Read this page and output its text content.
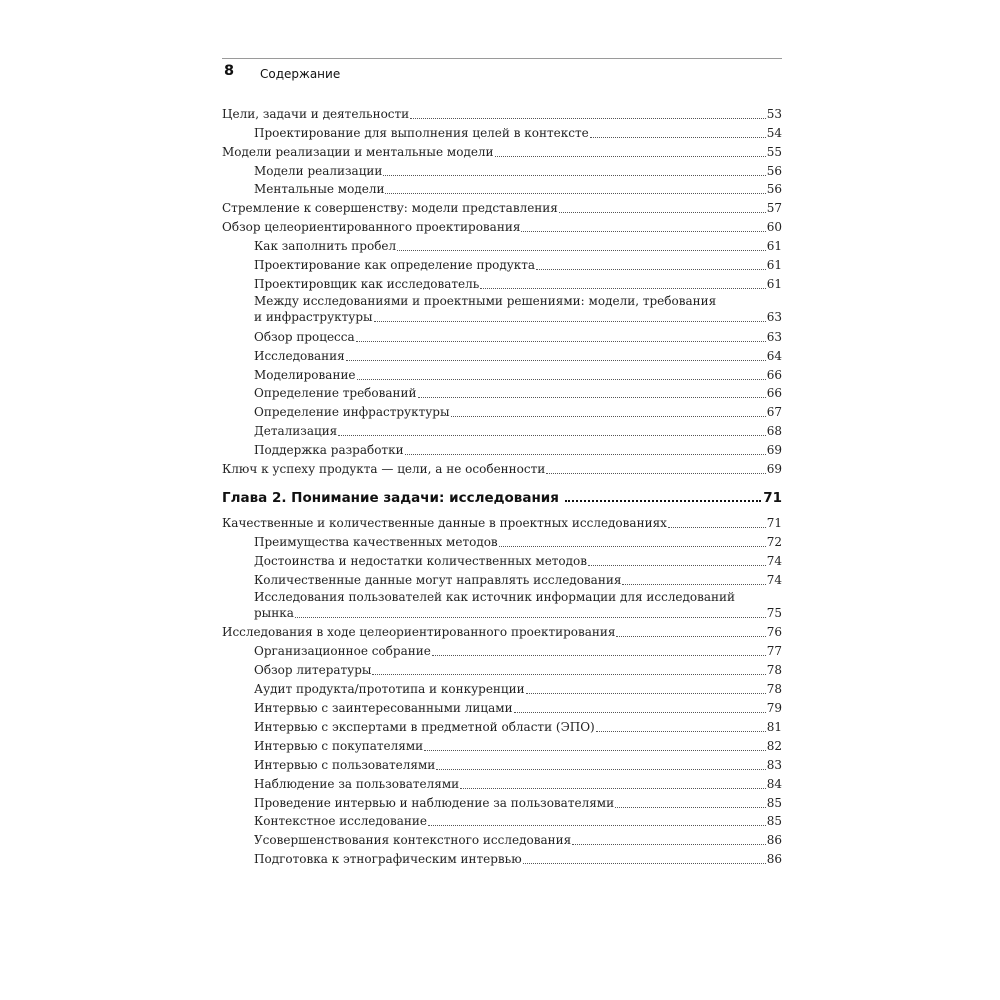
8 Содержание
Цели, задачи и деятельности	53
Проектирование для выполнения целей в контексте	54
Модели реализации и ментальные модели	55
Модели реализации	56
Ментальные модели	56
Стремление к совершенству: модели представления	57
Обзор целеориентированного проектирования	60
Как заполнить пробел	61
Проектирование как определение продукта	61
Проектировщик как исследователь	61
Между исследованиями и проектными решениями: модели, требования
и инфраструктуры	63
Обзор процесса	63
Исследования	64
Моделирование	66
Определение требований	66
Определение инфраструктуры	67
Детализация	68
Поддержка разработки	69
Ключ к успеху продукта — цели, а не особенности	69
Глава 2. Понимание задачи: исследования	71
Качественные и количественные данные в проектных исследованиях	71
Преимущества качественных методов	72
Достоинства и недостатки количественных методов	74
Количественные данные могут направлять исследования	74
Исследования пользователей как источник информации для исследований
рынка	75
Исследования в ходе целеориентированного проектирования	76
Организационное собрание	77
Обзор литературы	78
Аудит продукта/прототипа и конкуренции	78
Интервью с заинтересованными лицами	79
Интервью с экспертами в предметной области (ЭПО)	81
Интервью с покупателями	82
Интервью с пользователями	83
Наблюдение за пользователями	84
Проведение интервью и наблюдение за пользователями	85
Контекстное исследование	85
Усовершенствования контекстного исследования	86
Подготовка к этнографическим интервью	86
